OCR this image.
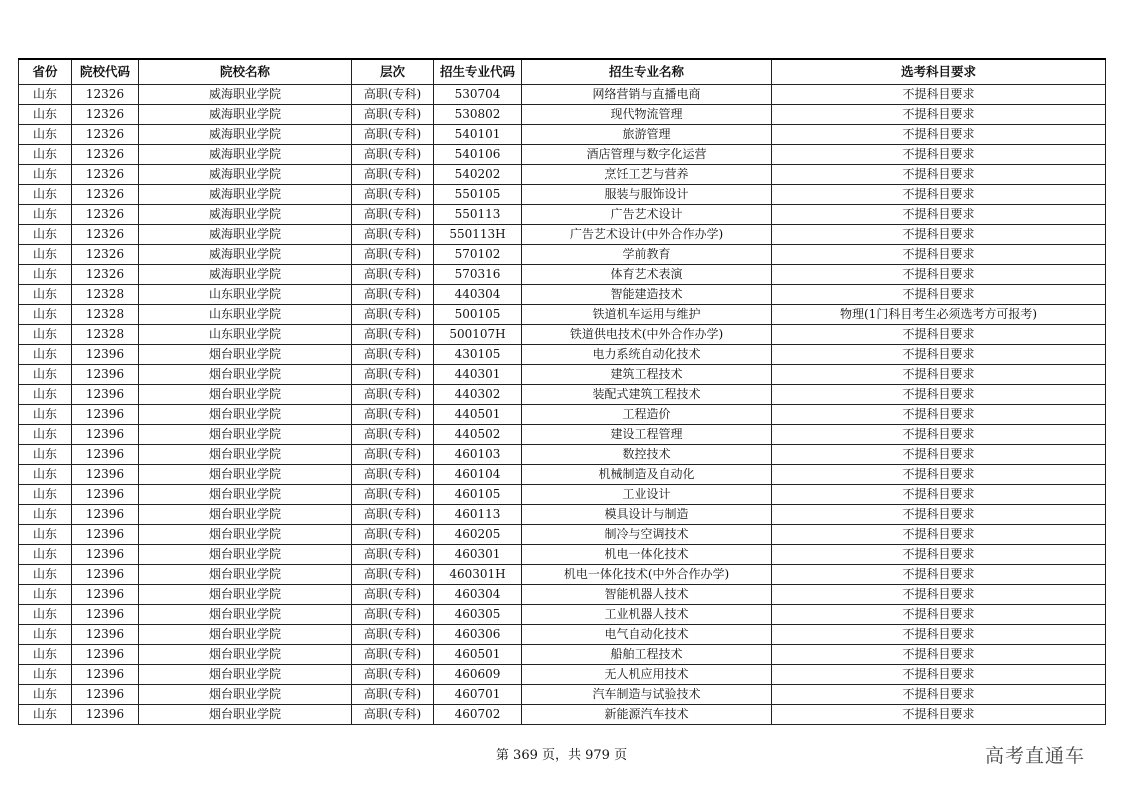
省份	院校代码	院校名称	层次	招生专业代码	招生专业名称	选考科目要求
山东	12326	威海职业学院	高职(专科)	530704	网络营销与直播电商	不提科目要求
山东	12326	威海职业学院	高职(专科)	530802	现代物流管理	不提科目要求
山东	12326	威海职业学院	高职(专科)	540101	旅游管理	不提科目要求
山东	12326	威海职业学院	高职(专科)	540106	酒店管理与数字化运营	不提科目要求
山东	12326	威海职业学院	高职(专科)	540202	烹饪工艺与营养	不提科目要求
山东	12326	威海职业学院	高职(专科)	550105	服装与服饰设计	不提科目要求
山东	12326	威海职业学院	高职(专科)	550113	广告艺术设计	不提科目要求
山东	12326	威海职业学院	高职(专科)	550113H	广告艺术设计(中外合作办学)	不提科目要求
山东	12326	威海职业学院	高职(专科)	570102	学前教育	不提科目要求
山东	12326	威海职业学院	高职(专科)	570316	体育艺术表演	不提科目要求
山东	12328	山东职业学院	高职(专科)	440304	智能建造技术	不提科目要求
山东	12328	山东职业学院	高职(专科)	500105	铁道机车运用与维护	物理(1门科目考生必须选考方可报考)
山东	12328	山东职业学院	高职(专科)	500107H	铁道供电技术(中外合作办学)	不提科目要求
山东	12396	烟台职业学院	高职(专科)	430105	电力系统自动化技术	不提科目要求
山东	12396	烟台职业学院	高职(专科)	440301	建筑工程技术	不提科目要求
山东	12396	烟台职业学院	高职(专科)	440302	装配式建筑工程技术	不提科目要求
山东	12396	烟台职业学院	高职(专科)	440501	工程造价	不提科目要求
山东	12396	烟台职业学院	高职(专科)	440502	建设工程管理	不提科目要求
山东	12396	烟台职业学院	高职(专科)	460103	数控技术	不提科目要求
山东	12396	烟台职业学院	高职(专科)	460104	机械制造及自动化	不提科目要求
山东	12396	烟台职业学院	高职(专科)	460105	工业设计	不提科目要求
山东	12396	烟台职业学院	高职(专科)	460113	模具设计与制造	不提科目要求
山东	12396	烟台职业学院	高职(专科)	460205	制冷与空调技术	不提科目要求
山东	12396	烟台职业学院	高职(专科)	460301	机电一体化技术	不提科目要求
山东	12396	烟台职业学院	高职(专科)	460301H	机电一体化技术(中外合作办学)	不提科目要求
山东	12396	烟台职业学院	高职(专科)	460304	智能机器人技术	不提科目要求
山东	12396	烟台职业学院	高职(专科)	460305	工业机器人技术	不提科目要求
山东	12396	烟台职业学院	高职(专科)	460306	电气自动化技术	不提科目要求
山东	12396	烟台职业学院	高职(专科)	460501	船舶工程技术	不提科目要求
山东	12396	烟台职业学院	高职(专科)	460609	无人机应用技术	不提科目要求
山东	12396	烟台职业学院	高职(专科)	460701	汽车制造与试验技术	不提科目要求
山东	12396	烟台职业学院	高职(专科)	460702	新能源汽车技术	不提科目要求
第 369 页，共 979 页	高考直通车
